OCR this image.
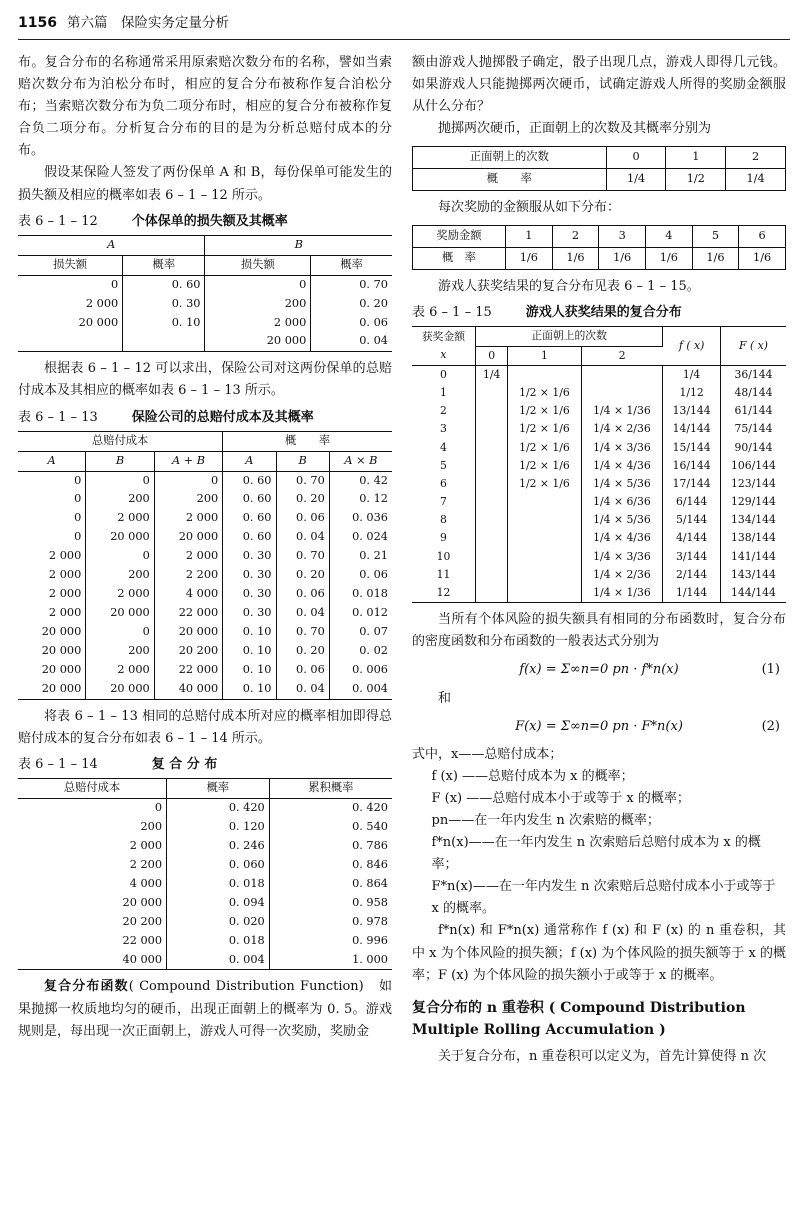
1156 第六篇　保险实务定量分析

布。复合分布的名称通常采用原索赔次数分布的名称，譬如当索赔次数分布为泊松分布时，相应的复合分布被称作复合泊松分布；当索赔次数分布为负二项分布时，相应的复合分布被称作复合负二项分布。分析复合分布的目的是为分析总赔付成本的分布。

假设某保险人签发了两份保单 A 和 B，每份保单可能发生的损失额及相应的概率如表 6 – 1 – 12 所示。

表 6 – 1 – 12	个体保单的损失额及其概率
A		B	
损失额	概率	损失额	概率
0	0. 60	0	0. 70
2 000	0. 30	200	0. 20
20 000	0. 10	2 000	0. 06
		20 000	0. 04

根据表 6 – 1 – 12 可以求出，保险公司对这两份保单的总赔付成本及其相应的概率如表 6 – 1 – 13 所示。

表 6 – 1 – 13	保险公司的总赔付成本及其概率
总赔付成本			概　　率		
A	B	A + B	A	B	A × B
0	0	0	0. 60	0. 70	0. 42
0	200	200	0. 60	0. 20	0. 12
0	2 000	2 000	0. 60	0. 06	0. 036
0	20 000	20 000	0. 60	0. 04	0. 024
2 000	0	2 000	0. 30	0. 70	0. 21
2 000	200	2 200	0. 30	0. 20	0. 06
2 000	2 000	4 000	0. 30	0. 06	0. 018
2 000	20 000	22 000	0. 30	0. 04	0. 012
20 000	0	20 000	0. 10	0. 70	0. 07
20 000	200	20 200	0. 10	0. 20	0. 02
20 000	2 000	22 000	0. 10	0. 06	0. 006
20 000	20 000	40 000	0. 10	0. 04	0. 004

将表 6 – 1 – 13 相同的总赔付成本所对应的概率相加即得总赔付成本的复合分布如表 6 – 1 – 14 所示。

表 6 – 1 – 14	复 合 分 布
总赔付成本	概率	累积概率
0	0. 420	0. 420
200	0. 120	0. 540
2 000	0. 246	0. 786
2 200	0. 060	0. 846
4 000	0. 018	0. 864
20 000	0. 094	0. 958
20 200	0. 020	0. 978
22 000	0. 018	0. 996
40 000	0. 004	1. 000

复合分布函数( Compound Distribution Function)　如果抛掷一枚质地均匀的硬币，出现正面朝上的概率为 0. 5。游戏规则是，每出现一次正面朝上，游戏人可得一次奖励，奖励金

额由游戏人抛掷骰子确定，骰子出现几点，游戏人即得几元钱。如果游戏人只能抛掷两次硬币，试确定游戏人所得的奖励金额服从什么分布？

抛掷两次硬币，正面朝上的次数及其概率分别为

正面朝上的次数	0	1	2
概　　率	1/4	1/2	1/4

每次奖励的金额服从如下分布：

奖励金额	1	2	3	4	5	6
概　率	1/6	1/6	1/6	1/6	1/6	1/6

游戏人获奖结果的复合分布见表 6 – 1 – 15。

表 6 – 1 – 15	游戏人获奖结果的复合分布
获奖金额	正面朝上的次数			f ( x)	F ( x)
x	0	1	2		
0	1/4			1/4	36/144
1		1/2 × 1/6		1/12	48/144
2		1/2 × 1/6	1/4 × 1/36	13/144	61/144
3		1/2 × 1/6	1/4 × 2/36	14/144	75/144
4		1/2 × 1/6	1/4 × 3/36	15/144	90/144
5		1/2 × 1/6	1/4 × 4/36	16/144	106/144
6		1/2 × 1/6	1/4 × 5/36	17/144	123/144
7			1/4 × 6/36	6/144	129/144
8			1/4 × 5/36	5/144	134/144
9			1/4 × 4/36	4/144	138/144
10			1/4 × 3/36	3/144	141/144
11			1/4 × 2/36	2/144	143/144
12			1/4 × 1/36	1/144	144/144

当所有个体风险的损失额具有相同的分布函数时，复合分布的密度函数和分布函数的一般表达式分别为

f(x) = Σ∞n=0 pn · f*n(x)	(1)

和

F(x) = Σ∞n=0 pn · F*n(x)	(2)
式中，x——总赔付成本；
f (x) ——总赔付成本为 x 的概率；
F (x) ——总赔付成本小于或等于 x 的概率；
pn——在一年内发生 n 次索赔的概率；
f*n(x)——在一年内发生 n 次索赔后总赔付成本为 x 的概率；
F*n(x)——在一年内发生 n 次索赔后总赔付成本小于或等于 x 的概率。

f*n(x) 和 F*n(x) 通常称作 f (x) 和 F (x) 的 n 重卷积，其中 x 为个体风险的损失额；f (x) 为个体风险的损失额等于 x 的概率；F (x) 为个体风险的损失额小于或等于 x 的概率。

复合分布的 n 重卷积 ( Compound Distribution Multiple Rolling Accumulation )

关于复合分布，n 重卷积可以定义为，首先计算使得 n 次
